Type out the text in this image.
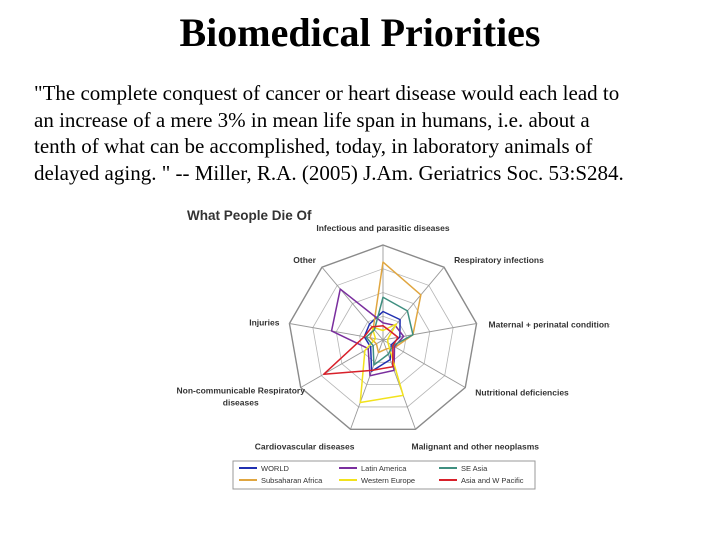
Biomedical Priorities
"The complete conquest of cancer or heart disease would each lead to
an increase of a mere 3% in mean life span in humans, i.e. about a
tenth of what can be accomplished, today, in laboratory animals of
delayed aging. " -- Miller, R.A. (2005) J.Am. Geriatrics Soc. 53:S284.
What People Die Of
Infectious and parasitic diseases
Respiratory infections
Maternal + perinatal conditions
Nutritional deficiencies
Malignant and other neoplasms
Cardiovascular diseases
Non-communicable Respiratory diseases
Injuries
Other
WORLD
Subsaharan Africa
Latin America
Western Europe
SE Asia
Asia and W Pacific
